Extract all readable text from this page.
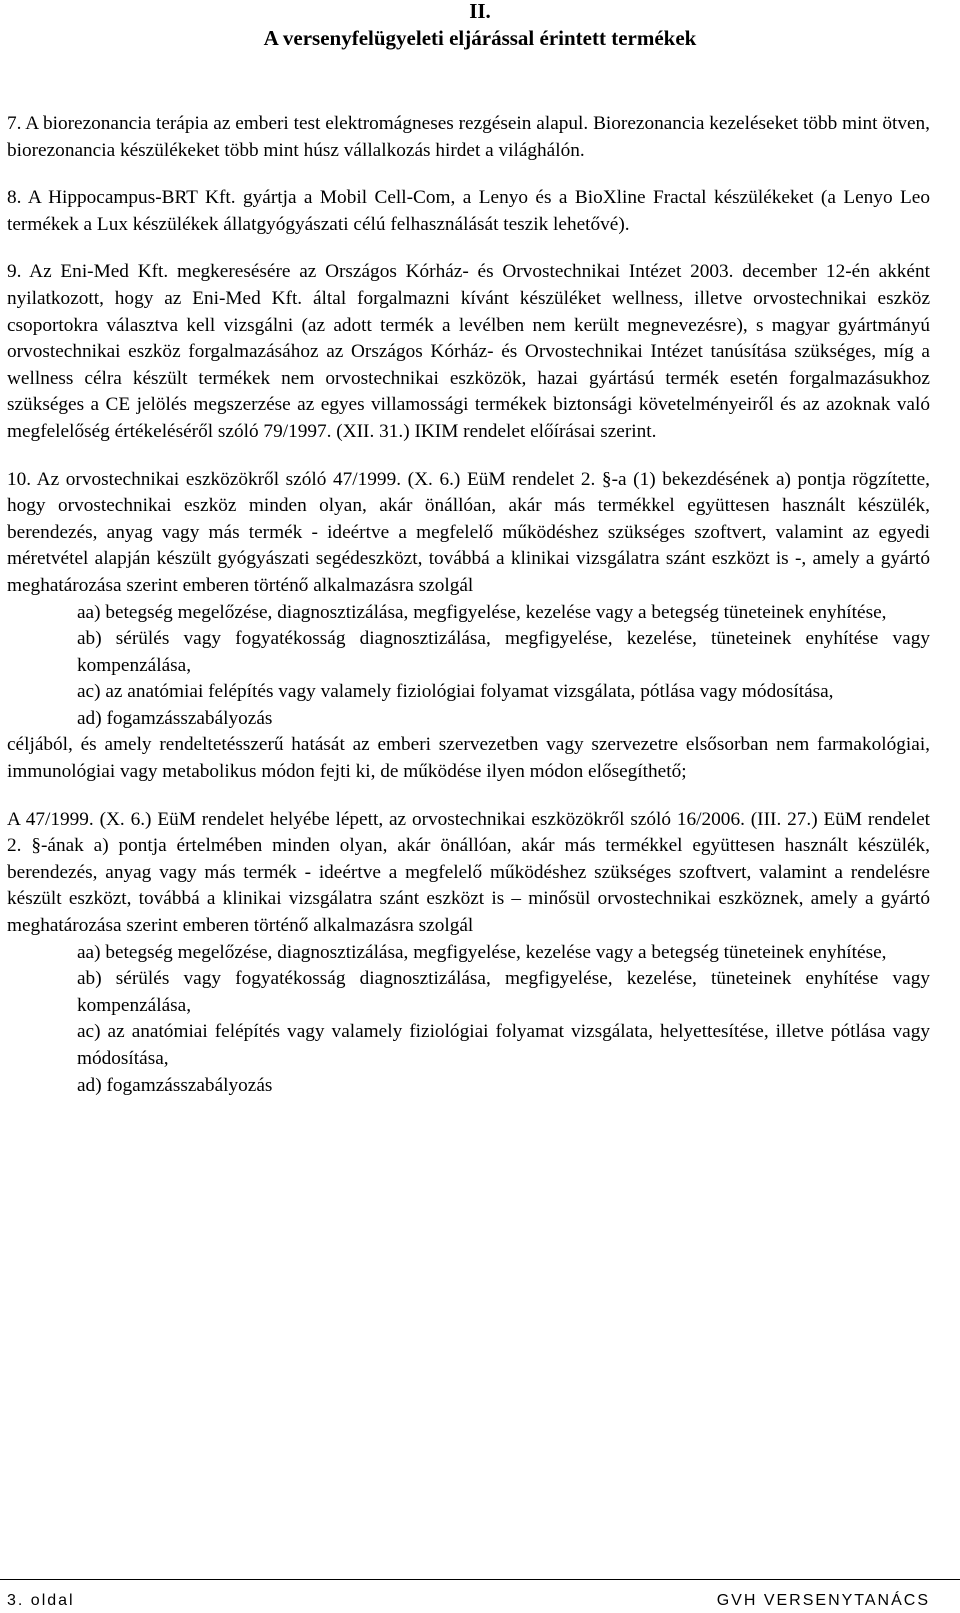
II.
A versenyfelügyeleti eljárással érintett termékek

7. A biorezonancia terápia az emberi test elektromágneses rezgésein alapul. Biorezonancia kezeléseket több mint ötven, biorezonancia készülékeket több mint húsz vállalkozás hirdet a világhálón.

8. A Hippocampus-BRT Kft. gyártja a Mobil Cell-Com, a Lenyo és a BioXline Fractal készülékeket (a Lenyo Leo termékek a Lux készülékek állatgyógyászati célú felhasználását teszik lehetővé).

9. Az Eni-Med Kft. megkeresésére az Országos Kórház- és Orvostechnikai Intézet 2003. december 12-én akként nyilatkozott, hogy az Eni-Med Kft. által forgalmazni kívánt készüléket wellness, illetve orvostechnikai eszköz csoportokra választva kell vizsgálni (az adott termék a levélben nem került megnevezésre), s magyar gyártmányú orvostechnikai eszköz forgalmazásához az Országos Kórház- és Orvostechnikai Intézet tanúsítása szükséges, míg a wellness célra készült termékek nem orvostechnikai eszközök, hazai gyártású termék esetén forgalmazásukhoz szükséges a CE jelölés megszerzése az egyes villamossági termékek biztonsági követelményeiről és az azoknak való megfelelőség értékeléséről szóló 79/1997. (XII. 31.) IKIM rendelet előírásai szerint.

10. Az orvostechnikai eszközökről szóló 47/1999. (X. 6.) EüM rendelet 2. §-a (1) bekezdésének a) pontja rögzítette, hogy orvostechnikai eszköz minden olyan, akár önállóan, akár más termékkel együttesen használt készülék, berendezés, anyag vagy más termék - ideértve a megfelelő működéshez szükséges szoftvert, valamint az egyedi méretvétel alapján készült gyógyászati segédeszközt, továbbá a klinikai vizsgálatra szánt eszközt is -, amely a gyártó meghatározása szerint emberen történő alkalmazásra szolgál

aa) betegség megelőzése, diagnosztizálása, megfigyelése, kezelése vagy a betegség tüneteinek enyhítése,

ab) sérülés vagy fogyatékosság diagnosztizálása, megfigyelése, kezelése, tüneteinek enyhítése vagy kompenzálása,

ac) az anatómiai felépítés vagy valamely fiziológiai folyamat vizsgálata, pótlása vagy módosítása,

ad) fogamzásszabályozás

céljából, és amely rendeltetésszerű hatását az emberi szervezetben vagy szervezetre elsősorban nem farmakológiai, immunológiai vagy metabolikus módon fejti ki, de működése ilyen módon elősegíthető;

A 47/1999. (X. 6.) EüM rendelet helyébe lépett, az orvostechnikai eszközökről szóló 16/2006. (III. 27.) EüM rendelet 2. §-ának a) pontja értelmében minden olyan, akár önállóan, akár más termékkel együttesen használt készülék, berendezés, anyag vagy más termék - ideértve a megfelelő működéshez szükséges szoftvert, valamint a rendelésre készült eszközt, továbbá a klinikai vizsgálatra szánt eszközt is – minősül orvostechnikai eszköznek, amely a gyártó meghatározása szerint emberen történő alkalmazásra szolgál

aa) betegség megelőzése, diagnosztizálása, megfigyelése, kezelése vagy a betegség tüneteinek enyhítése,

ab) sérülés vagy fogyatékosság diagnosztizálása, megfigyelése, kezelése, tüneteinek enyhítése vagy kompenzálása,

ac) az anatómiai felépítés vagy valamely fiziológiai folyamat vizsgálata, helyettesítése, illetve pótlása vagy módosítása,

ad) fogamzásszabályozás

3. oldal	GVH VERSENYTANÁCS
